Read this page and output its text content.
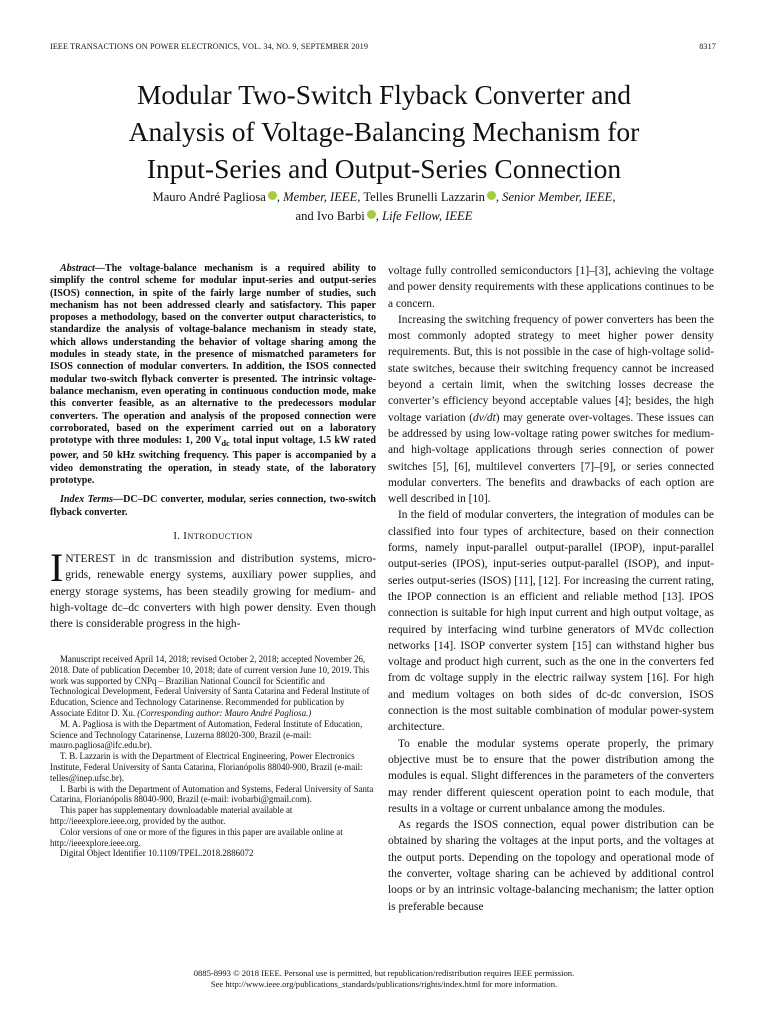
IEEE TRANSACTIONS ON POWER ELECTRONICS, VOL. 34, NO. 9, SEPTEMBER 2019	8317
Modular Two-Switch Flyback Converter and
Analysis of Voltage-Balancing Mechanism for
Input-Series and Output-Series Connection
Mauro André Pagliosa , Member, IEEE, Telles Brunelli Lazzarin , Senior Member, IEEE,
and Ivo Barbi , Life Fellow, IEEE

Abstract—The voltage-balance mechanism is a required ability to simplify the control scheme for modular input-series and output-series (ISOS) connection, in spite of the fairly large number of studies, such mechanism has not been addressed clearly and satisfactory. This paper proposes a methodology, based on the converter output characteristics, to standardize the analysis of voltage-balance mechanism in steady state, which allows understanding the behavior of voltage sharing among the modules in steady state, in the presence of mismatched parameters for ISOS connection of modular converters. In addition, the ISOS connected modular two-switch flyback converter is presented. The intrinsic voltage-balance mechanism, even operating in continuous conduction mode, make this converter feasible, as an alternative to the predecessors modular converters. The operation and analysis of the proposed connection were corroborated, based on the experiment carried out on a laboratory prototype with three modules: 1, 200 $V_{dc}$ total input voltage, 1.5 kW rated power, and 50 kHz switching frequency. This paper is accompanied by a video demonstrating the operation, in steady state, of the laboratory prototype.

Index Terms—DC–DC converter, modular, series connection, two-switch flyback converter.

I. INTRODUCTION

INTEREST in dc transmission and distribution systems, micro-grids, renewable energy systems, auxiliary power supplies, and energy storage systems, has been steadily growing for medium- and high-voltage dc–dc converters with high power density. Even though there is considerable progress in the high-

Manuscript received April 14, 2018; revised October 2, 2018; accepted November 26, 2018. Date of publication December 10, 2018; date of current version June 10, 2019. This work was supported by CNPq – Brazilian National Council for Scientific and Technological Development, Federal University of Santa Catarina and Federal Institute of Education, Science and Technology Catarinense. Recommended for publication by Associate Editor D. Xu. (Corresponding author: Mauro André Pagliosa.)

M. A. Pagliosa is with the Department of Automation, Federal Institute of Education, Science and Technology Catarinense, Luzerna 88020-300, Brazil (e-mail: mauro.pagliosa@ifc.edu.br).

T. B. Lazzarin is with the Department of Electrical Engineering, Power Electronics Institute, Federal University of Santa Catarina, Florianópolis 88040-900, Brazil (e-mail: telles@inep.ufsc.br).

I. Barbi is with the Department of Automation and Systems, Federal University of Santa Catarina, Florianópolis 88040-900, Brazil (e-mail: ivobarbi@gmail.com).

This paper has supplementary downloadable material available at http://ieeexplore.ieee.org, provided by the author.

Color versions of one or more of the figures in this paper are available online at http://ieeexplore.ieee.org.

Digital Object Identifier 10.1109/TPEL.2018.2886072

voltage fully controlled semiconductors [1]–[3], achieving the voltage and power density requirements with these applications continues to be a concern.

Increasing the switching frequency of power converters has been the most commonly adopted strategy to meet higher power density requirements. But, this is not possible in the case of high-voltage solid-state switches, because their switching frequency cannot be increased beyond a certain limit, when the switching losses decrease the converter’s efficiency beyond acceptable values [4]; besides, the high voltage variation (dv/dt) may generate over-voltages. These issues can be addressed by using low-voltage rating power switches for medium- and high-voltage applications through series connection of power switches [5], [6], multilevel converters [7]–[9], or series connected modular converters. The benefits and drawbacks of each option are well described in [10].

In the field of modular converters, the integration of modules can be classified into four types of architecture, based on their connection forms, namely input-parallel output-parallel (IPOP), input-parallel output-series (IPOS), input-series output-parallel (ISOP), and input-series output-series (ISOS) [11], [12]. For increasing the current rating, the IPOP connection is an efficient and reliable method [13]. IPOS connection is suitable for high input current and high output voltage, as required by interfacing wind turbine generators of MVdc collection networks [14]. ISOP converter system [15] can withstand higher bus voltage and product high current, such as the one in the converters fed from dc voltage supply in the electric railway system [16]. For high and medium voltages on both sides of dc-dc conversion, ISOS connection is the most suitable combination of modular power-system architecture.

To enable the modular systems operate properly, the primary objective must be to ensure that the power distribution among the modules is equal. Slight differences in the parameters of the converters may render different quiescent operation point to each module, that results in a voltage or current unbalance among the modules.

As regards the ISOS connection, equal power distribution can be obtained by sharing the voltages at the input ports, and the voltages at the output ports. Depending on the topology and operational mode of the converter, voltage sharing can be achieved by additional control loops or by an intrinsic voltage-balancing mechanism; the latter option is preferable because

0885-8993 © 2018 IEEE. Personal use is permitted, but republication/redistribution requires IEEE permission.
See http://www.ieee.org/publications_standards/publications/rights/index.html for more information.
